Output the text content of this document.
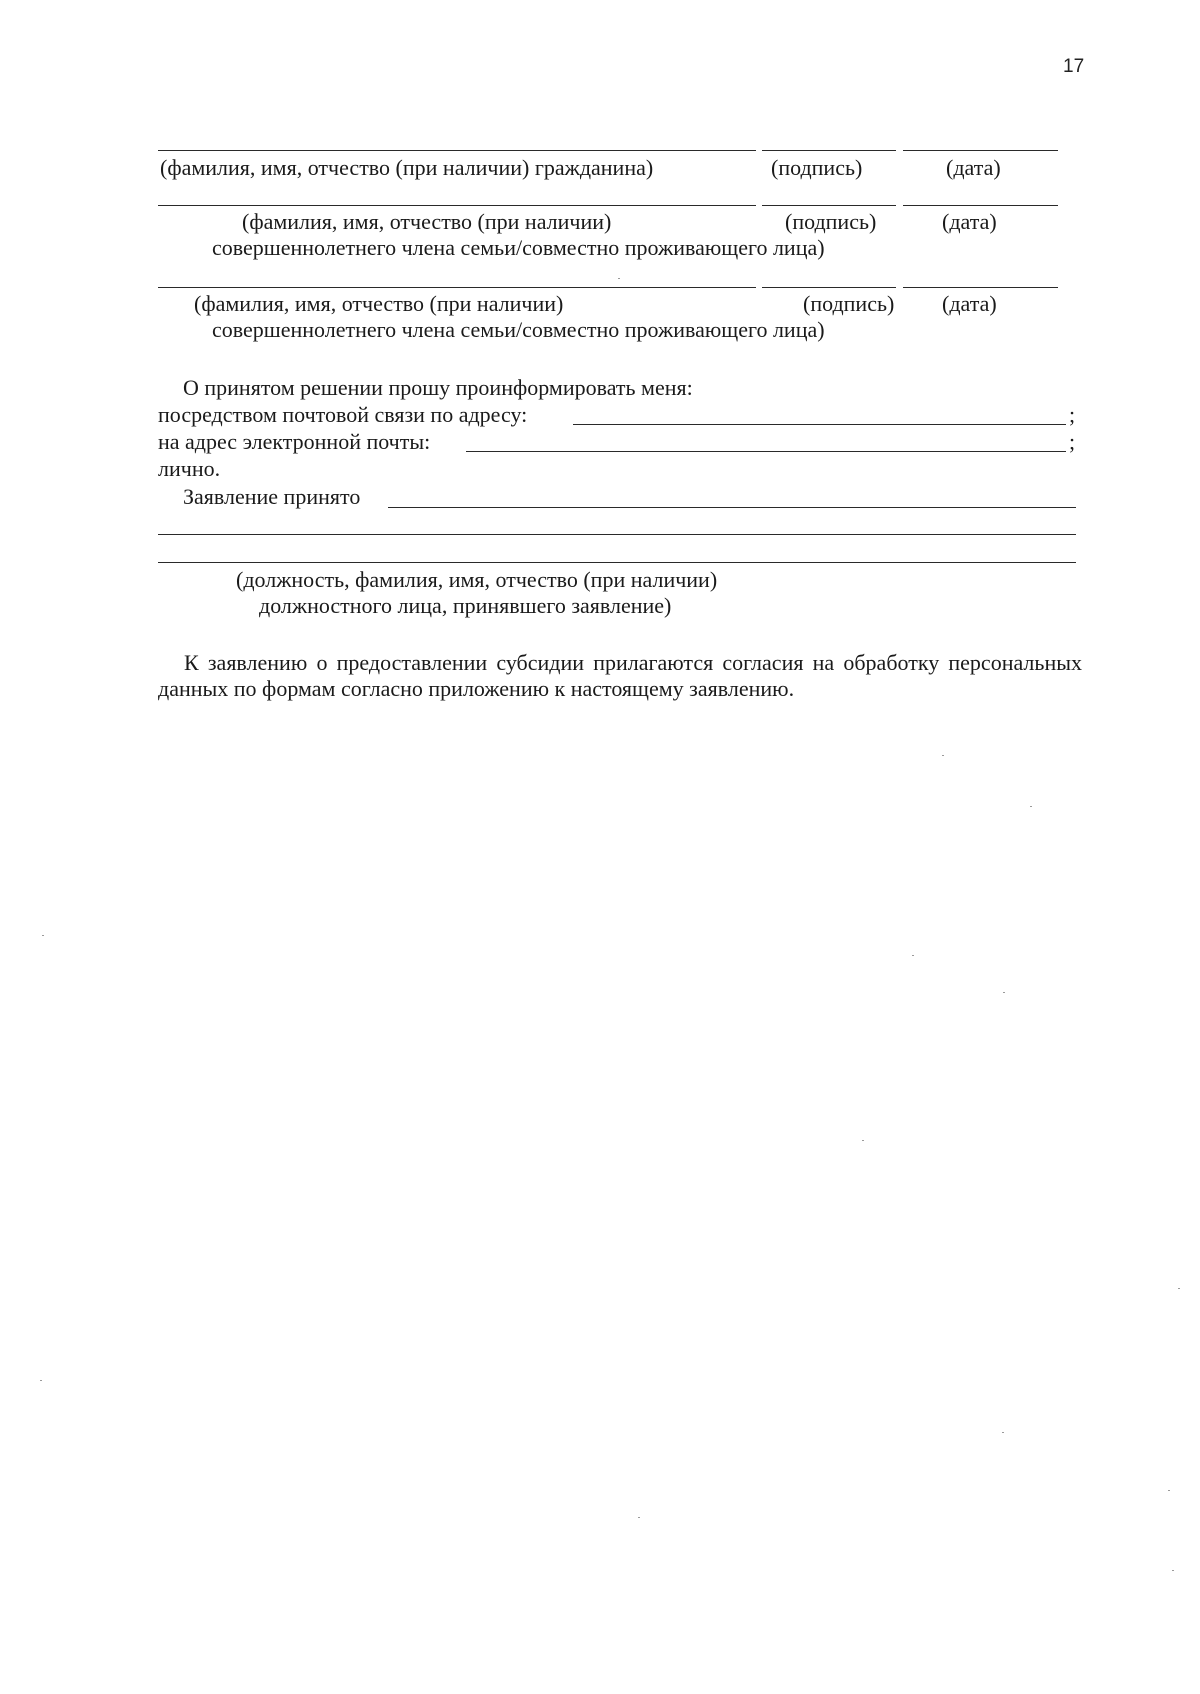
17
(фамилия, имя, отчество (при наличии) гражданина)	(подпись)	(дата)
(фамилия, имя, отчество (при наличии)	(подпись)	(дата)
совершеннолетнего члена семьи/совместно проживающего лица)
(фамилия, имя, отчество (при наличии)	(подпись) (дата)
совершеннолетнего члена семьи/совместно проживающего лица)
О принятом решении прошу проинформировать меня:
посредством почтовой связи по адресу:	;
на адрес электронной почты:	;
лично.
Заявление принято
(должность, фамилия, имя, отчество (при наличии)
должностного лица, принявшего заявление)
К заявлению о предоставлении субсидии прилагаются согласия на обработку персональных данных по формам согласно приложению к настоящему заявлению.
